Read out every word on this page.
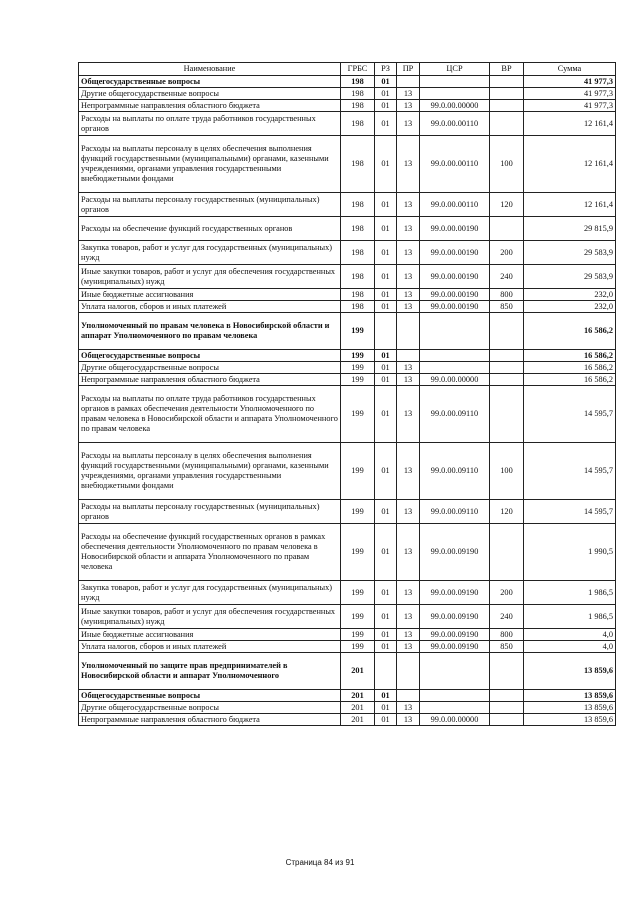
Наименование	ГРБС	РЗ	ПР	ЦСР	ВР	Сумма
Общегосударственные вопросы	198	01				41 977,3
Другие общегосударственные вопросы	198	01	13			41 977,3
Непрограммные направления областного бюджета	198	01	13	99.0.00.00000		41 977,3
Расходы на выплаты по оплате труда работников государственных органов	198	01	13	99.0.00.00110		12 161,4
Расходы на выплаты персоналу в целях обеспечения выполнения функций государственными (муниципальными) органами, казенными учреждениями, органами управления государственными внебюджетными фондами	198	01	13	99.0.00.00110	100	12 161,4
Расходы на выплаты персоналу государственных (муниципальных) органов	198	01	13	99.0.00.00110	120	12 161,4
Расходы на обеспечение функций государственных органов	198	01	13	99.0.00.00190		29 815,9
Закупка товаров, работ и услуг для государственных (муниципальных) нужд	198	01	13	99.0.00.00190	200	29 583,9
Иные закупки товаров, работ и услуг для обеспечения государственных (муниципальных) нужд	198	01	13	99.0.00.00190	240	29 583,9
Иные бюджетные ассигнования	198	01	13	99.0.00.00190	800	232,0
Уплата налогов, сборов и иных платежей	198	01	13	99.0.00.00190	850	232,0
Уполномоченный по правам человека в Новосибирской области и аппарат Уполномоченного по правам человека	199					16 586,2
Общегосударственные вопросы	199	01				16 586,2
Другие общегосударственные вопросы	199	01	13			16 586,2
Непрограммные направления областного бюджета	199	01	13	99.0.00.00000		16 586,2
Расходы на выплаты по оплате труда работников государственных органов в рамках обеспечения деятельности Уполномоченного по правам человека в Новосибирской области и аппарата Уполномоченного по правам человека	199	01	13	99.0.00.09110		14 595,7
Расходы на выплаты персоналу в целях обеспечения выполнения функций государственными (муниципальными) органами, казенными учреждениями, органами управления государственными внебюджетными фондами	199	01	13	99.0.00.09110	100	14 595,7
Расходы на выплаты персоналу государственных (муниципальных) органов	199	01	13	99.0.00.09110	120	14 595,7
Расходы на обеспечение функций государственных органов в рамках обеспечения деятельности Уполномоченного по правам человека в Новосибирской области и аппарата Уполномоченного по правам человека	199	01	13	99.0.00.09190		1 990,5
Закупка товаров, работ и услуг для государственных (муниципальных) нужд	199	01	13	99.0.00.09190	200	1 986,5
Иные закупки товаров, работ и услуг для обеспечения государственных (муниципальных) нужд	199	01	13	99.0.00.09190	240	1 986,5
Иные бюджетные ассигнования	199	01	13	99.0.00.09190	800	4,0
Уплата налогов, сборов и иных платежей	199	01	13	99.0.00.09190	850	4,0
Уполномоченный по защите прав предпринимателей в Новосибирской области и аппарат Уполномоченного	201					13 859,6
Общегосударственные вопросы	201	01				13 859,6
Другие общегосударственные вопросы	201	01	13			13 859,6
Непрограммные направления областного бюджета	201	01	13	99.0.00.00000		13 859,6
Страница 84 из 91
